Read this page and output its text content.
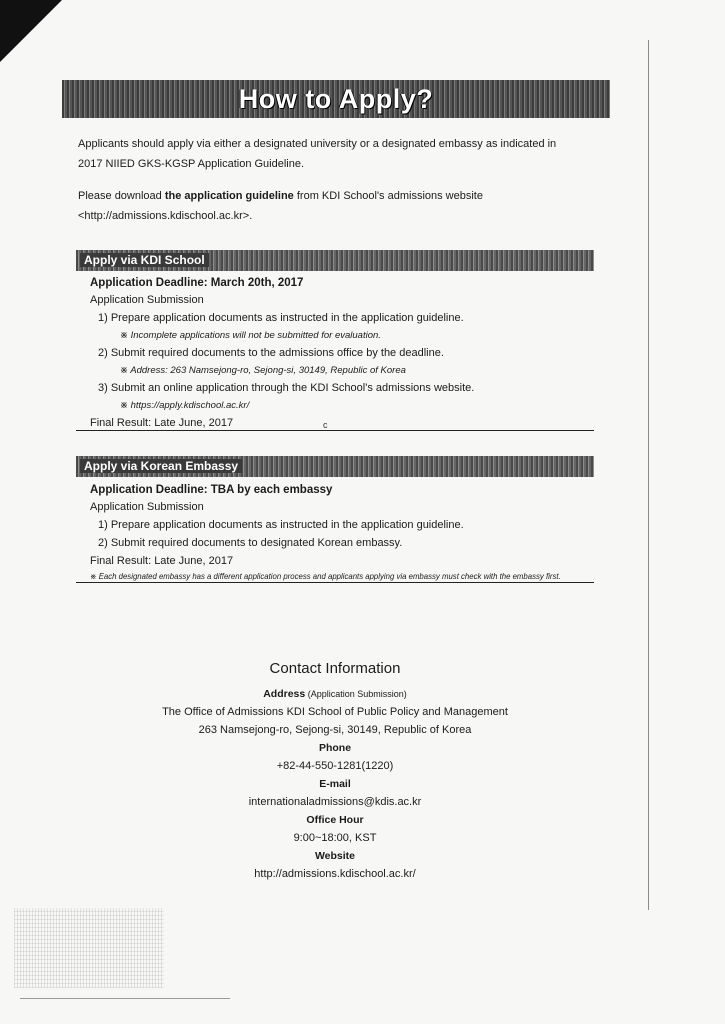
How to Apply?
Applicants should apply via either a designated university or a designated embassy as indicated in
2017 NIIED GKS-KGSP Application Guideline.
Please download the application guideline from KDI School's admissions website
<http://admissions.kdischool.ac.kr>.
Apply via KDI School
Application Deadline: March 20th, 2017
Application Submission
1) Prepare application documents as instructed in the application guideline.
※ Incomplete applications will not be submitted for evaluation.
2) Submit required documents to the admissions office by the deadline.
※ Address: 263 Namsejong-ro, Sejong-si, 30149, Republic of Korea
3) Submit an online application through the KDI School's admissions website.
※ https://apply.kdischool.ac.kr/
Final Result: Late June, 2017	c
Apply via Korean Embassy
Application Deadline: TBA by each embassy
Application Submission
1) Prepare application documents as instructed in the application guideline.
2) Submit required documents to designated Korean embassy.
Final Result: Late June, 2017
※ Each designated embassy has a different application process and applicants applying via embassy must check with the embassy first.
Contact Information
Address (Application Submission)
The Office of Admissions KDI School of Public Policy and Management
263 Namsejong-ro, Sejong-si, 30149, Republic of Korea
Phone
+82-44-550-1281(1220)
E-mail
internationaladmissions@kdis.ac.kr
Office Hour
9:00~18:00, KST
Website
http://admissions.kdischool.ac.kr/
